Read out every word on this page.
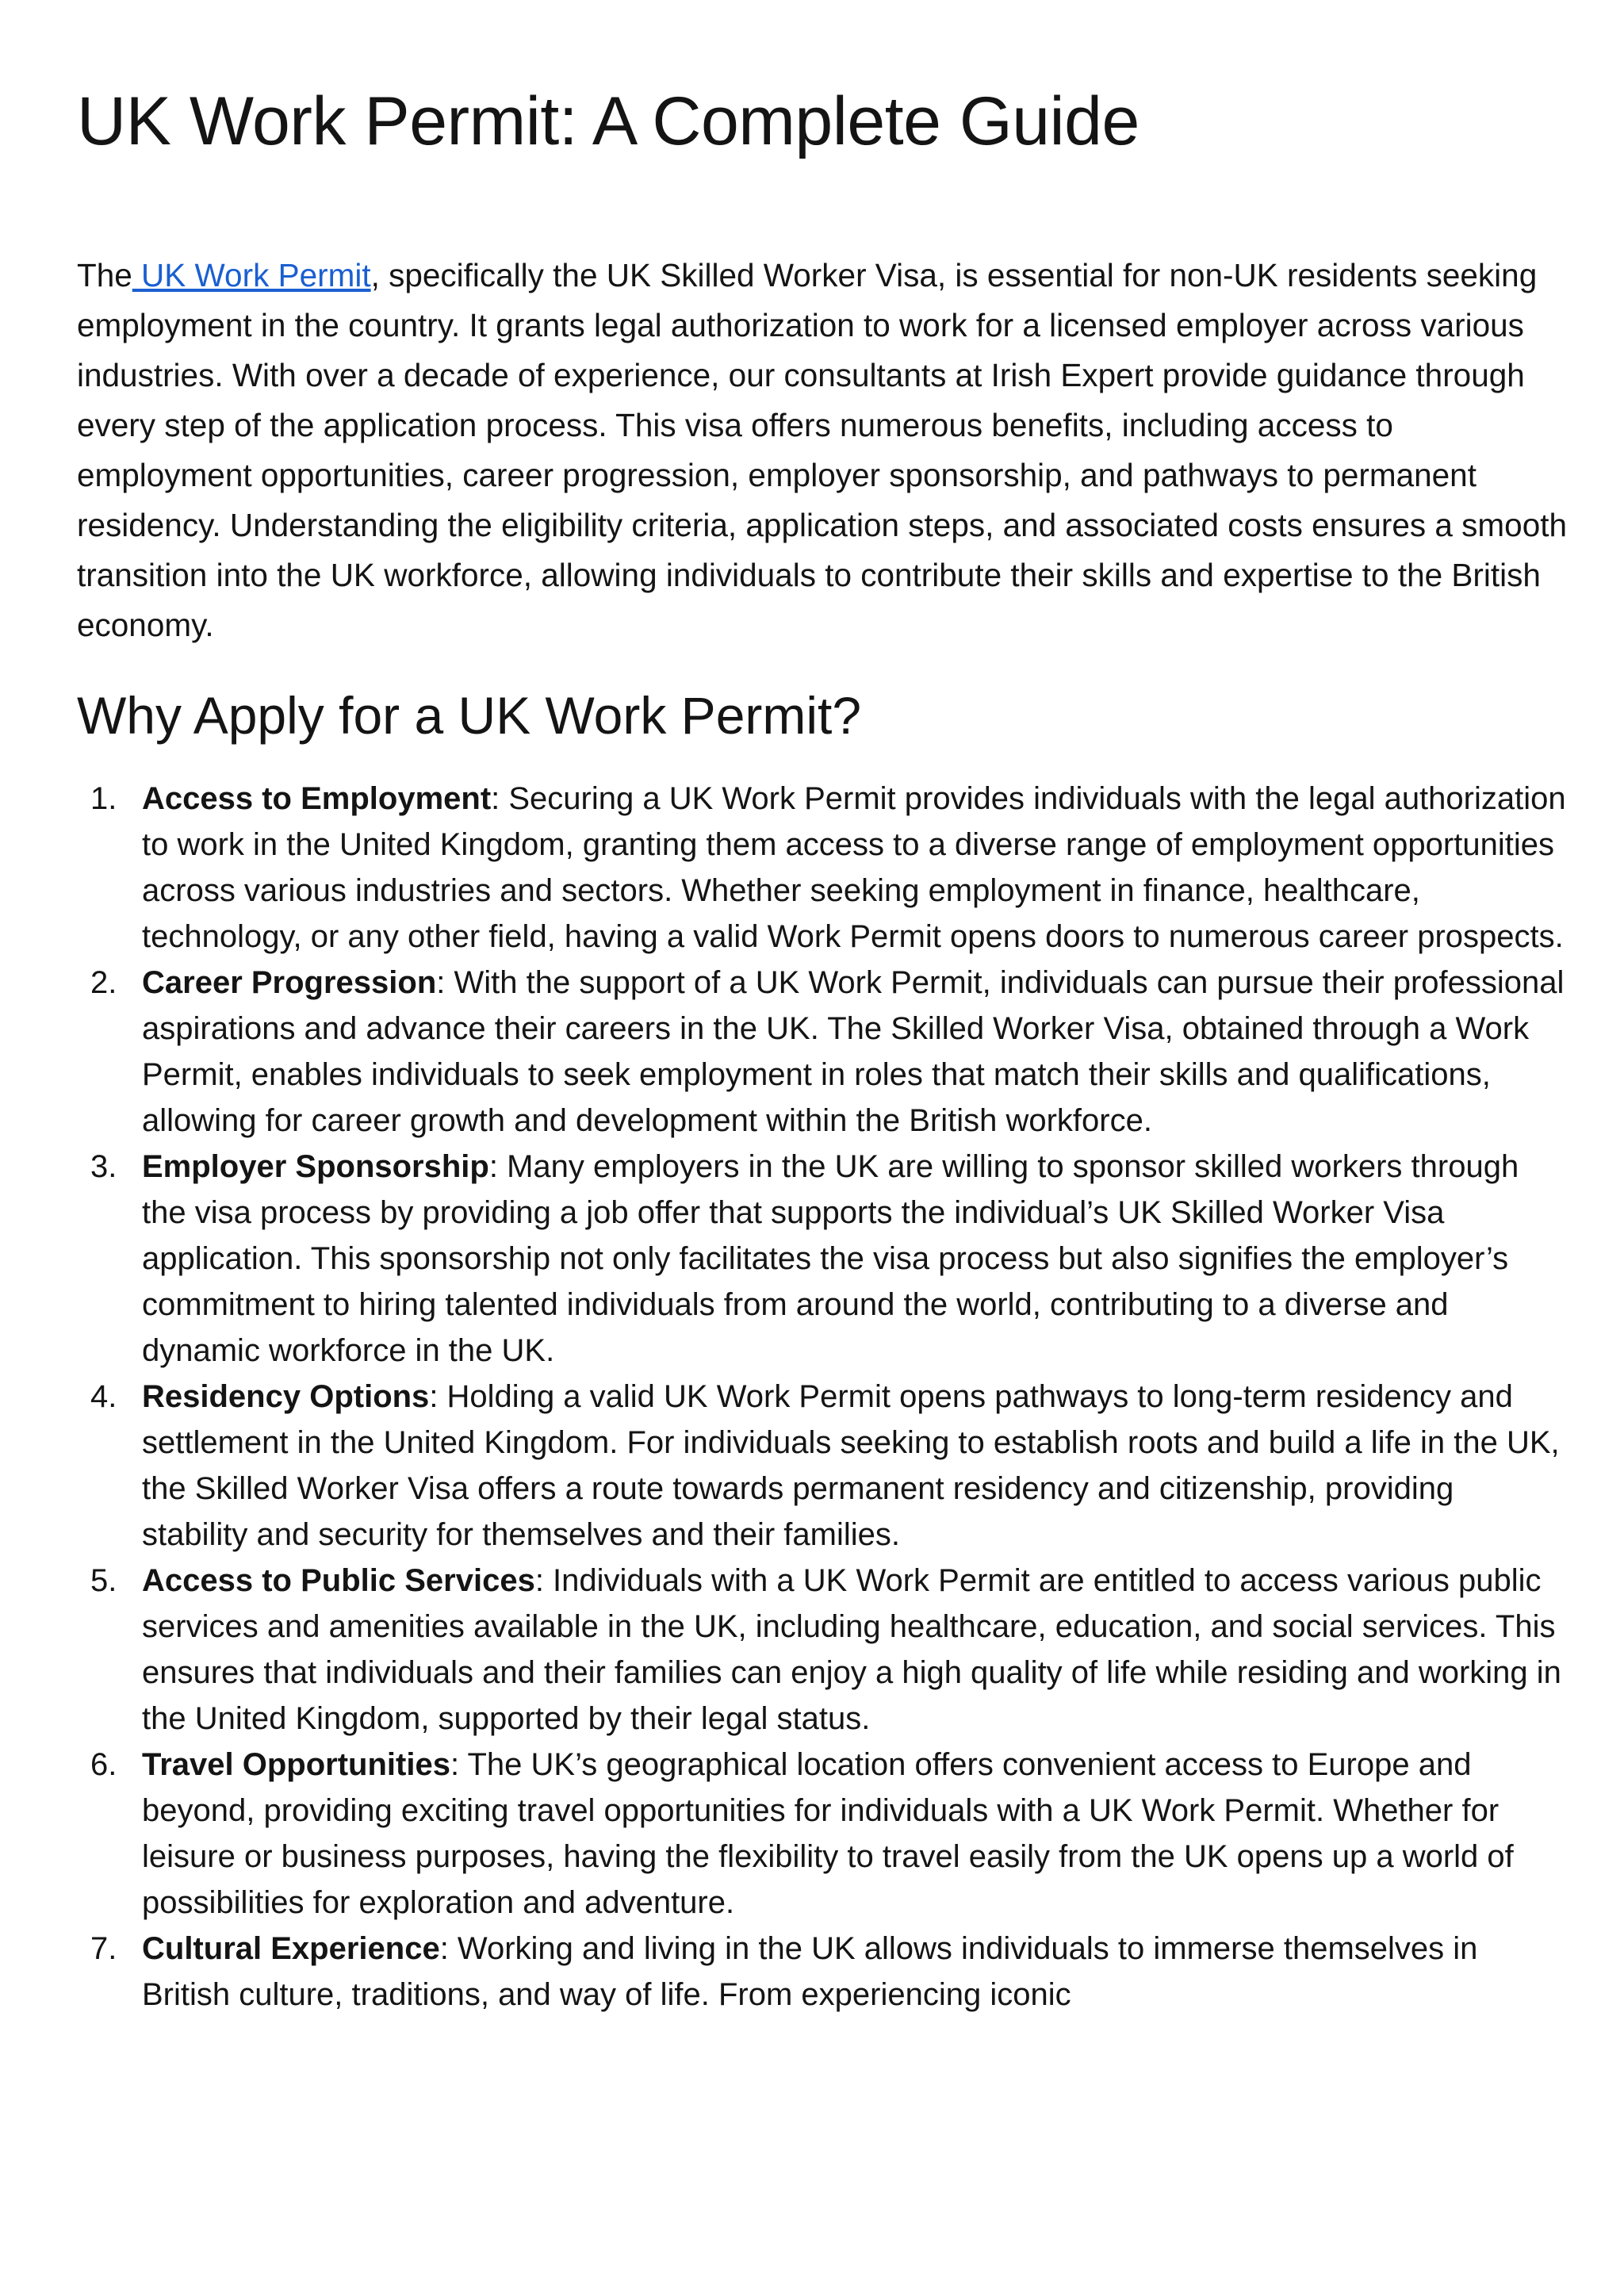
UK Work Permit: A Complete Guide

The UK Work Permit, specifically the UK Skilled Worker Visa, is essential for non-UK residents seeking employment in the country. It grants legal authorization to work for a licensed employer across various industries. With over a decade of experience, our consultants at Irish Expert provide guidance through every step of the application process. This visa offers numerous benefits, including access to employment opportunities, career progression, employer sponsorship, and pathways to permanent residency. Understanding the eligibility criteria, application steps, and associated costs ensures a smooth transition into the UK workforce, allowing individuals to contribute their skills and expertise to the British economy.

Why Apply for a UK Work Permit?
1. Access to Employment: Securing a UK Work Permit provides individuals with the legal authorization to work in the United Kingdom, granting them access to a diverse range of employment opportunities across various industries and sectors. Whether seeking employment in finance, healthcare, technology, or any other field, having a valid Work Permit opens doors to numerous career prospects.
2. Career Progression: With the support of a UK Work Permit, individuals can pursue their professional aspirations and advance their careers in the UK. The Skilled Worker Visa, obtained through a Work Permit, enables individuals to seek employment in roles that match their skills and qualifications, allowing for career growth and development within the British workforce.
3. Employer Sponsorship: Many employers in the UK are willing to sponsor skilled workers through the visa process by providing a job offer that supports the individual’s UK Skilled Worker Visa application. This sponsorship not only facilitates the visa process but also signifies the employer’s commitment to hiring talented individuals from around the world, contributing to a diverse and dynamic workforce in the UK.
4. Residency Options: Holding a valid UK Work Permit opens pathways to long-term residency and settlement in the United Kingdom. For individuals seeking to establish roots and build a life in the UK, the Skilled Worker Visa offers a route towards permanent residency and citizenship, providing stability and security for themselves and their families.
5. Access to Public Services: Individuals with a UK Work Permit are entitled to access various public services and amenities available in the UK, including healthcare, education, and social services. This ensures that individuals and their families can enjoy a high quality of life while residing and working in the United Kingdom, supported by their legal status.
6. Travel Opportunities: The UK’s geographical location offers convenient access to Europe and beyond, providing exciting travel opportunities for individuals with a UK Work Permit. Whether for leisure or business purposes, having the flexibility to travel easily from the UK opens up a world of possibilities for exploration and adventure.
7. Cultural Experience: Working and living in the UK allows individuals to immerse themselves in British culture, traditions, and way of life. From experiencing iconic
